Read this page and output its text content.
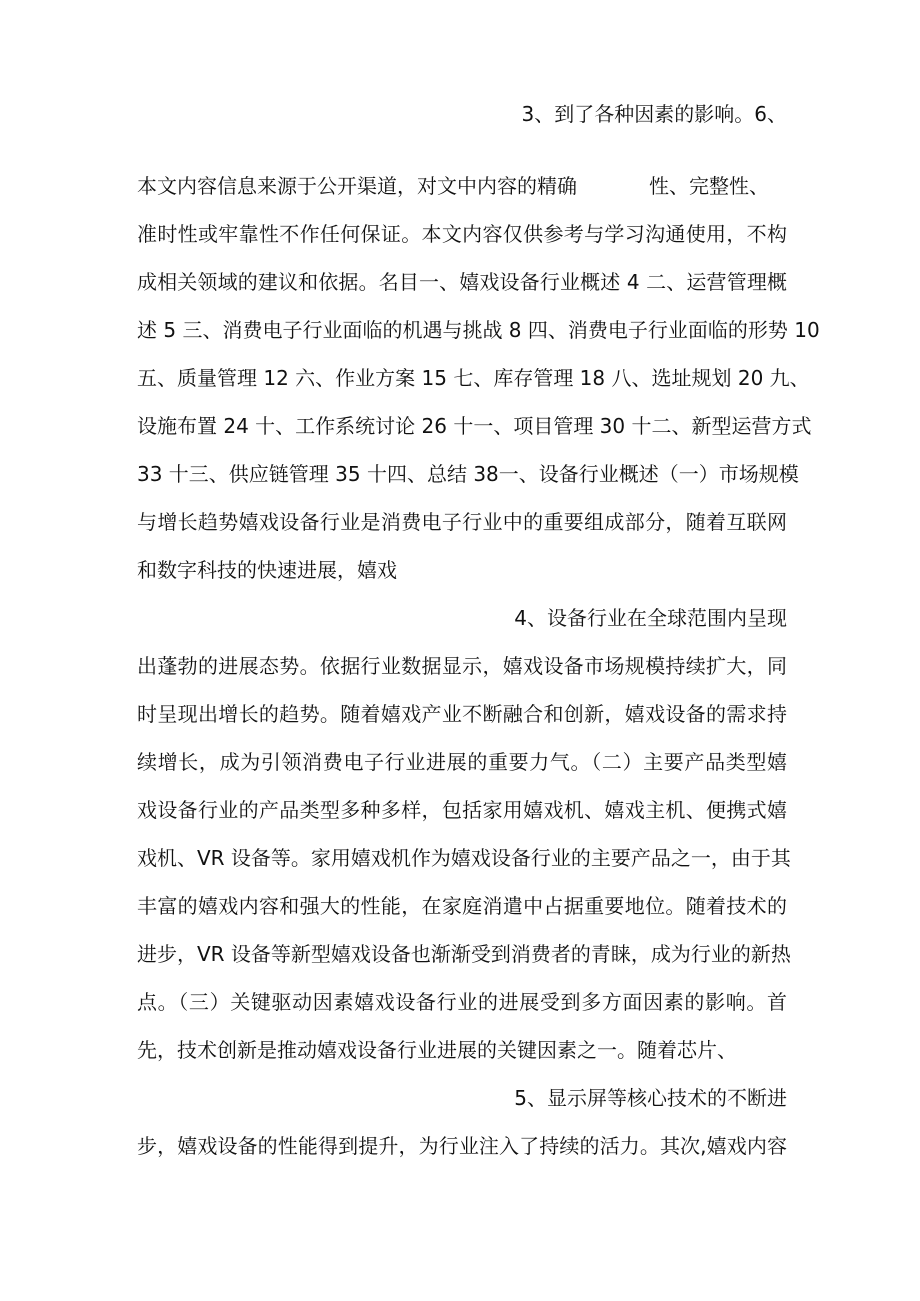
3、到了各种因素的影响。6、
本文内容信息来源于公开渠道，对文中内容的精确	性、完整性、
准时性或牢靠性不作任何保证。本文内容仅供参考与学习沟通使用，不构
成相关领域的建议和依据。名目一、嬉戏设备行业概述 4 二、运营管理概
述 5 三、消费电子行业面临的机遇与挑战 8 四、消费电子行业面临的形势 10
五、质量管理 12 六、作业方案 15 七、库存管理 18 八、选址规划 20 九、
设施布置 24 十、工作系统讨论 26 十一、项目管理 30 十二、新型运营方式
33 十三、供应链管理 35 十四、总结 38一、设备行业概述（一）市场规模
与增长趋势嬉戏设备行业是消费电子行业中的重要组成部分，随着互联网
和数字科技的快速进展，嬉戏
4、设备行业在全球范围内呈现
出蓬勃的进展态势。依据行业数据显示，嬉戏设备市场规模持续扩大，同
时呈现出增长的趋势。随着嬉戏产业不断融合和创新，嬉戏设备的需求持
续增长，成为引领消费电子行业进展的重要力气。（二）主要产品类型嬉
戏设备行业的产品类型多种多样，包括家用嬉戏机、嬉戏主机、便携式嬉
戏机、VR 设备等。家用嬉戏机作为嬉戏设备行业的主要产品之一，由于其
丰富的嬉戏内容和强大的性能，在家庭消遣中占据重要地位。随着技术的
进步，VR 设备等新型嬉戏设备也渐渐受到消费者的青睐，成为行业的新热
点。（三）关键驱动因素嬉戏设备行业的进展受到多方面因素的影响。首
先，技术创新是推动嬉戏设备行业进展的关键因素之一。随着芯片、
5、显示屏等核心技术的不断进
步，嬉戏设备的性能得到提升，为行业注入了持续的活力。其次,嬉戏内容
